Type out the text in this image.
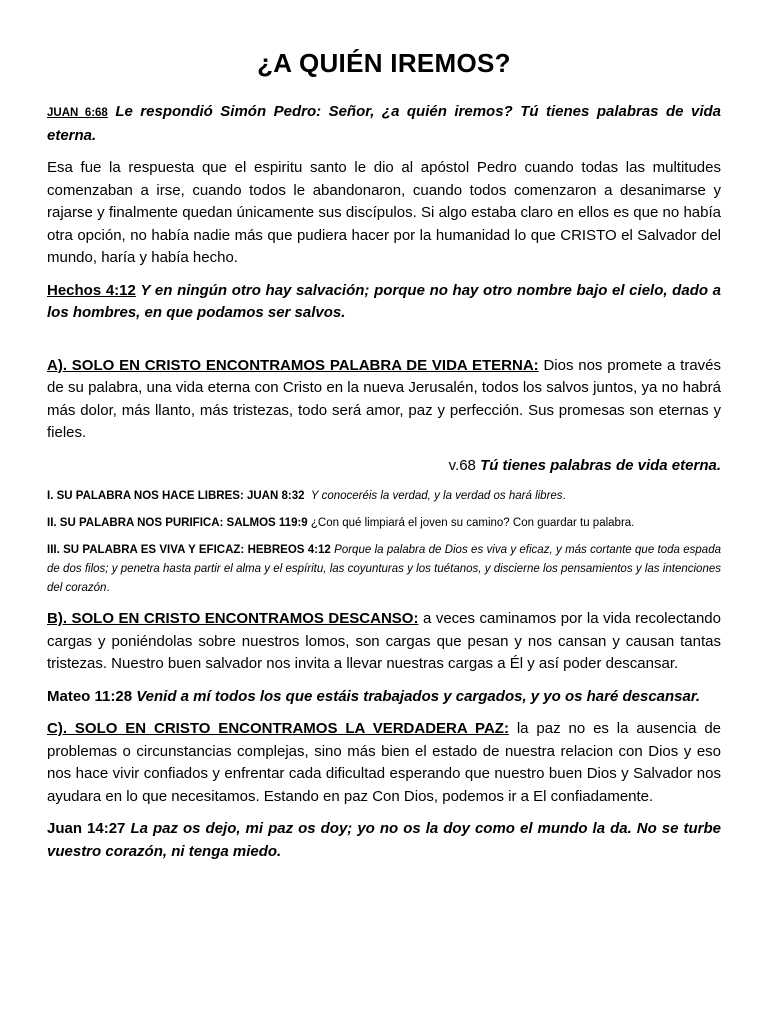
¿A QUIÉN IREMOS?

JUAN 6:68 Le respondió Simón Pedro: Señor, ¿a quién iremos? Tú tienes palabras de vida eterna.

Esa fue la respuesta que el espiritu santo le dio al apóstol Pedro cuando todas las multitudes comenzaban a irse, cuando todos le abandonaron, cuando todos comenzaron a desanimarse y rajarse y finalmente quedan únicamente sus discípulos. Si algo estaba claro en ellos es que no había otra opción, no había nadie más que pudiera hacer por la humanidad lo que CRISTO el Salvador del mundo, haría y había hecho.

Hechos 4:12 Y en ningún otro hay salvación; porque no hay otro nombre bajo el cielo, dado a los hombres, en que podamos ser salvos.

A). SOLO EN CRISTO ENCONTRAMOS PALABRA DE VIDA ETERNA: Dios nos promete a través de su palabra, una vida eterna con Cristo en la nueva Jerusalén, todos los salvos juntos, ya no habrá más dolor, más llanto, más tristezas, todo será amor, paz y perfección. Sus promesas son eternas y fieles.

v.68 Tú tienes palabras de vida eterna.

I. SU PALABRA NOS HACE LIBRES: JUAN 8:32 Y conoceréis la verdad, y la verdad os hará libres.

II. SU PALABRA NOS PURIFICA: SALMOS 119:9 ¿Con qué limpiará el joven su camino? Con guardar tu palabra.

III. SU PALABRA ES VIVA Y EFICAZ: HEBREOS 4:12 Porque la palabra de Dios es viva y eficaz, y más cortante que toda espada de dos filos; y penetra hasta partir el alma y el espíritu, las coyunturas y los tuétanos, y discierne los pensamientos y las intenciones del corazón.

B). SOLO EN CRISTO ENCONTRAMOS DESCANSO: a veces caminamos por la vida recolectando cargas y poniéndolas sobre nuestros lomos, son cargas que pesan y nos cansan y causan tantas tristezas. Nuestro buen salvador nos invita a llevar nuestras cargas a Él y así poder descansar.

Mateo 11:28 Venid a mí todos los que estáis trabajados y cargados, y yo os haré descansar.

C). SOLO EN CRISTO ENCONTRAMOS LA VERDADERA PAZ: la paz no es la ausencia de problemas o circunstancias complejas, sino más bien el estado de nuestra relacion con Dios y eso nos hace vivir confiados y enfrentar cada dificultad esperando que nuestro buen Dios y Salvador nos ayudara en lo que necesitamos. Estando en paz Con Dios, podemos ir a El confiadamente.

Juan 14:27 La paz os dejo, mi paz os doy; yo no os la doy como el mundo la da. No se turbe vuestro corazón, ni tenga miedo.
